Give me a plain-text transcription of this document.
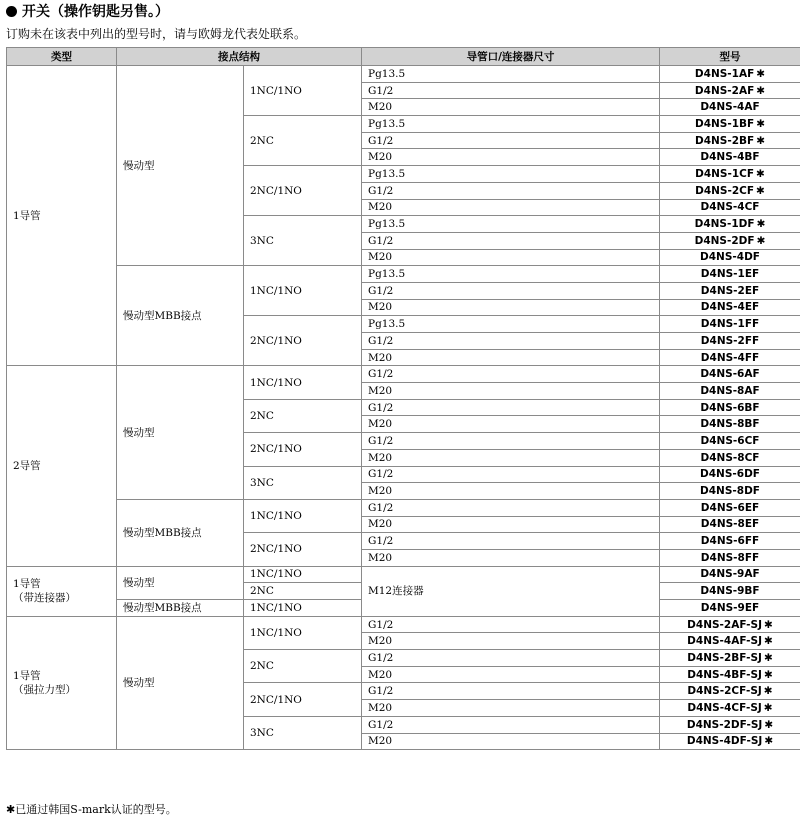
开关（操作钥匙另售。）
订购未在该表中列出的型号时，请与欧姆龙代表处联系。
类型	接点结构		导管口/连接器尺寸	型号
1导管	慢动型	1NC/1NO	Pg13.5	D4NS-1AF ✱
			G1/2	D4NS-2AF ✱
			M20	D4NS-4AF
		2NC	Pg13.5	D4NS-1BF ✱
			G1/2	D4NS-2BF ✱
			M20	D4NS-4BF
		2NC/1NO	Pg13.5	D4NS-1CF ✱
			G1/2	D4NS-2CF ✱
			M20	D4NS-4CF
		3NC	Pg13.5	D4NS-1DF ✱
			G1/2	D4NS-2DF ✱
			M20	D4NS-4DF
	慢动型MBB接点	1NC/1NO	Pg13.5	D4NS-1EF
			G1/2	D4NS-2EF
			M20	D4NS-4EF
		2NC/1NO	Pg13.5	D4NS-1FF
			G1/2	D4NS-2FF
			M20	D4NS-4FF
2导管	慢动型	1NC/1NO	G1/2	D4NS-6AF
			M20	D4NS-8AF
		2NC	G1/2	D4NS-6BF
			M20	D4NS-8BF
		2NC/1NO	G1/2	D4NS-6CF
			M20	D4NS-8CF
		3NC	G1/2	D4NS-6DF
			M20	D4NS-8DF
	慢动型MBB接点	1NC/1NO	G1/2	D4NS-6EF
			M20	D4NS-8EF
		2NC/1NO	G1/2	D4NS-6FF
			M20	D4NS-8FF
1导管
（带连接器）	慢动型	1NC/1NO	M12连接器	D4NS-9AF
		2NC		D4NS-9BF
	慢动型MBB接点	1NC/1NO		D4NS-9EF
1导管
（强拉力型）	慢动型	1NC/1NO	G1/2	D4NS-2AF-SJ ✱
			M20	D4NS-4AF-SJ ✱
		2NC	G1/2	D4NS-2BF-SJ ✱
			M20	D4NS-4BF-SJ ✱
		2NC/1NO	G1/2	D4NS-2CF-SJ ✱
			M20	D4NS-4CF-SJ ✱
		3NC	G1/2	D4NS-2DF-SJ ✱
			M20	D4NS-4DF-SJ ✱
✱已通过韩国S-mark认证的型号。
